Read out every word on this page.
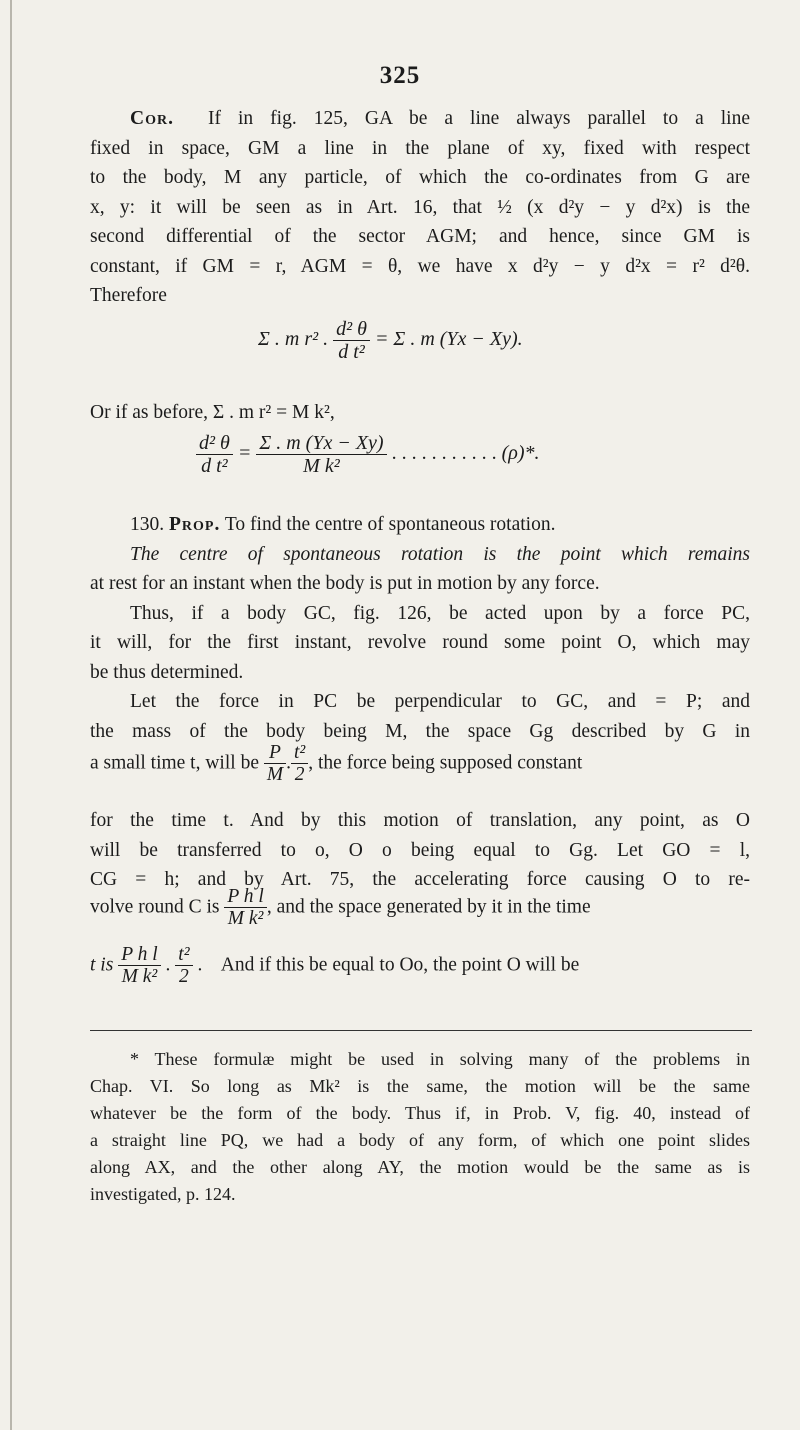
325

Cor. If in fig. 125, GA be a line always parallel to a line

fixed in space, GM a line in the plane of xy, fixed with respect

to the body, M any particle, of which the co-ordinates from G are

x, y: it will be seen as in Art. 16, that ½ (x d²y − y d²x) is the

second differential of the sector AGM; and hence, since GM is

constant, if GM = r, AGM = θ, we have x d²y − y d²x = r² d²θ.

Therefore

Σ . m r² . $\frac{\text{d² θ}}{\text{d t²}} = \Sigma$ . m (Yx − Xy).

Or if as before, Σ . m r² = M k²,

$\frac{\text{d² θ}}{\text{d t²}} = \frac{\Sigma . m (Yx - Xy)}{\text{M k²}}$ . . . . . . . . . . . (ρ)*.

130. Prop. To find the centre of spontaneous rotation.

The centre of spontaneous rotation is the point which remains

at rest for an instant when the body is put in motion by any force.

Thus, if a body GC, fig. 126, be acted upon by a force PC,

it will, for the first instant, revolve round some point O, which may

be thus determined.

Let the force in PC be perpendicular to GC, and = P; and

the mass of the body being M, the space Gg described by G in

a small time t, will be $\frac{P}{M}$ . $\frac{\text{t²}}{2}$ , the force being supposed constant

for the time t. And by this motion of translation, any point, as O

will be transferred to o, O o being equal to Gg. Let GO = l,

CG = h; and by Art. 75, the accelerating force causing O to re-

volve round C is $\frac{\text{P h l}}{\text{M k²}}$ , and the space generated by it in the time
t is $\frac{\text{P h l}}{\text{M k²}}$ . $\frac{\text{t²}}{2}$ .    And if this be equal to Oo, the point O will be

* These formulæ might be used in solving many of the problems in

Chap. VI. So long as Mk² is the same, the motion will be the same

whatever be the form of the body. Thus if, in Prob. V, fig. 40, instead of

a straight line PQ, we had a body of any form, of which one point slides

along AX, and the other along AY, the motion would be the same as is

investigated, p. 124.
